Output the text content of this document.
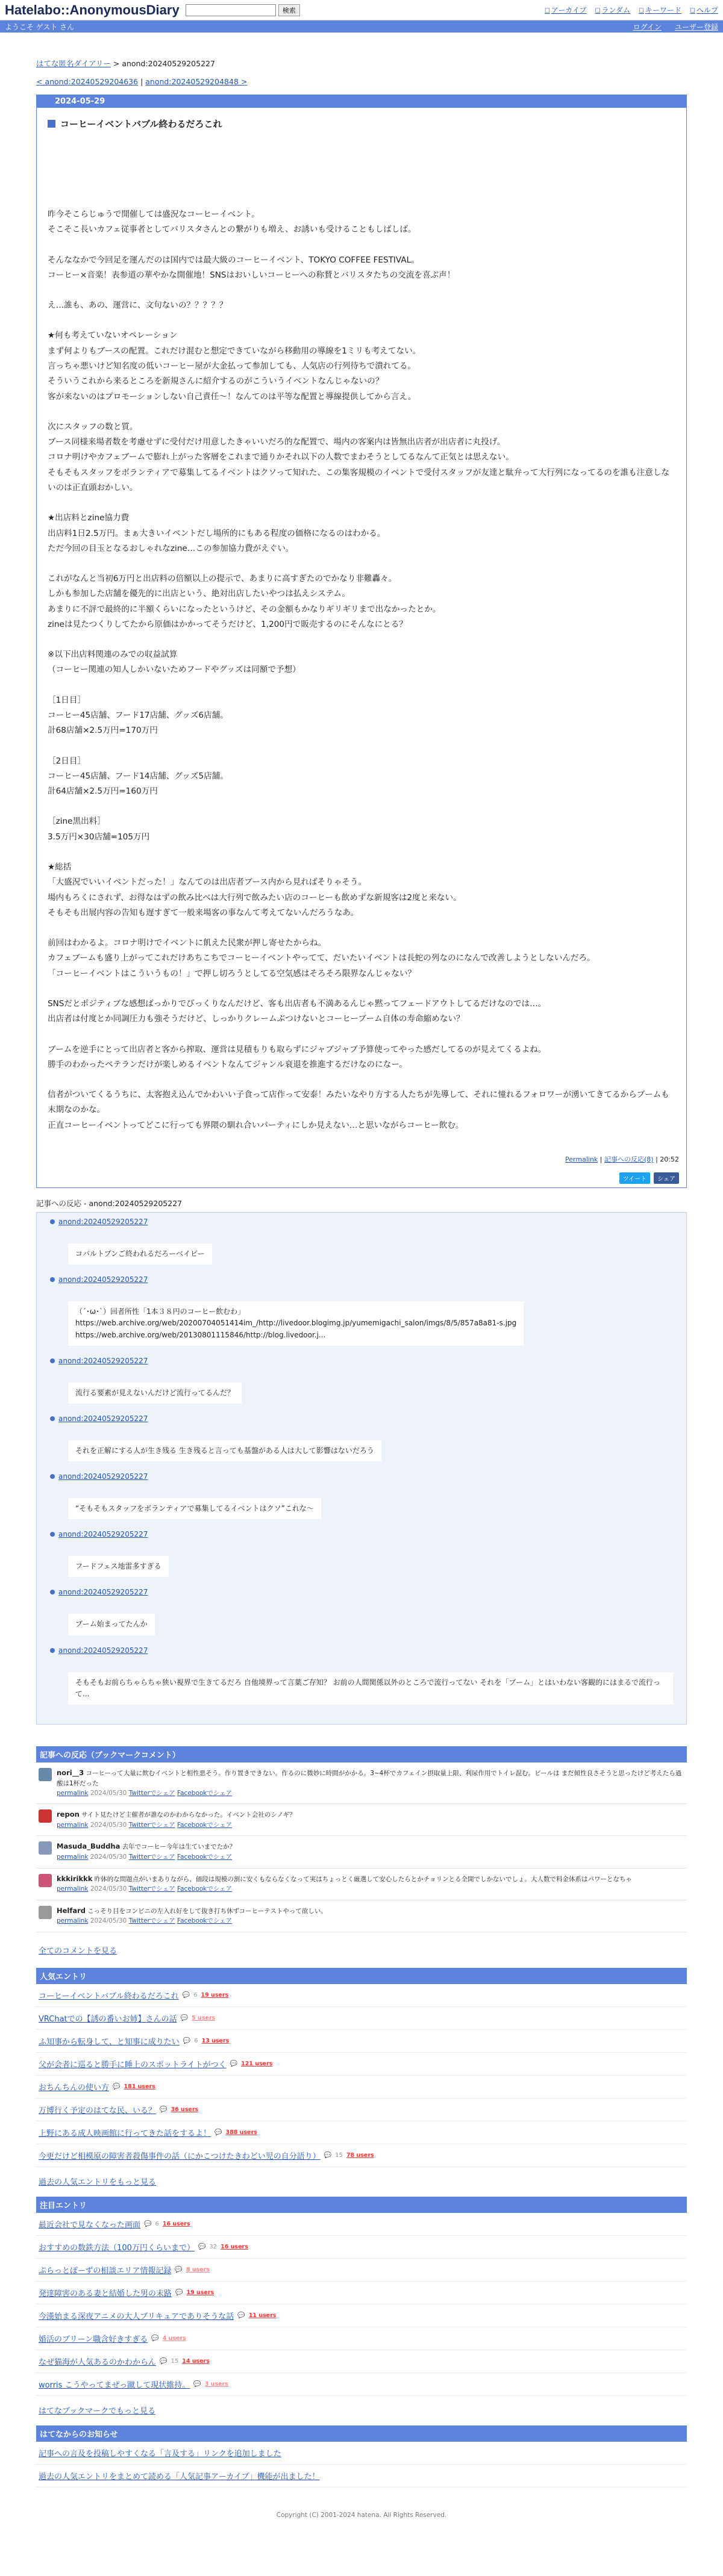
Hatelabo::AnonymousDiary	検索	☐ アーカイブ	☐ ランダム	☐ キーワード	☐ ヘルプ
ようこそ ゲスト さん	ログイン ユーザー登録
はてな匿名ダイアリー > anond:20240529205227
< anond:20240529204636 | anond:20240529204848 >
2024-05-29
コーヒーイベントバブル終わるだろこれ

昨今そこらじゅうで開催しては盛況なコーヒーイベント。
そこそこ長いカフェ従事者としてバリスタさんとの繋がりも増え、お誘いも受けることもしばしば。

そんななかで今回足を運んだのは国内では最大級のコーヒーイベント、TOKYO COFFEE FESTIVAL。
コーヒー×音楽！表参道の華やかな開催地！SNSはおいしいコーヒーへの称賛とバリスタたちの交流を喜ぶ声！

え…誰も、あの、運営に、文句ないの？？？？？

★何も考えていないオペレーション
まず何よりもブースの配置。これだけ混むと想定できていながら移動用の導線を1ミリも考えてない。
言っちゃ悪いけど知名度の低いコーヒー屋が大金払って参加しても、人気店の行列待ちで潰れてる。
そういうこれから来るところを新規さんに紹介するのがこういうイベントなんじゃないの？
客が来ないのはプロモーションしない自己責任〜！なんてのは平等な配置と導線提供してから言え。

次にスタッフの数と質。
ブース同様来場者数を考慮せずに受付だけ用意したきゃいいだろ的な配置で、場内の客案内は皆無出店者が出店者に丸投げ。
コロナ明けやカフェブームで膨れ上がった客層をこれまで通りかそれ以下の人数でまわそうとしてるなんて正気とは思えない。
そもそもスタッフをボランティアで募集してるイベントはクソって知れた、この集客規模のイベントで受付スタッフが友達と駄弁って大行列になってるのを誰も注意しないのは正直頭おかしい。

★出店料とzine協力費
出店料1日2.5万円。まぁ大きいイベントだし場所的にもある程度の価格になるのはわかる。
ただ今回の目玉となるおしゃれなzine…この参加協力費がえぐい。

これがなんと当初6万円と出店料の倍額以上の提示で、あまりに高すぎたのでかなり非難轟々。
しかも参加した店舗を優先的に出店という、絶対出店したいやつは払えシステム。
あまりに不評で最終的に半額くらいになったというけど、その金額もかなりギリギリまで出なかったとか。
zineは見たつくりしてたから原価はかかってそうだけど、1,200円で販売するのにそんなにとる？

※以下出店料関連のみでの収益試算
（コーヒー関連の知人しかいないためフードやグッズは同額で予想）

［1日目］
コーヒー45店舗、フード17店舗、グッズ6店舗。
計68店舗×2.5万円=170万円

［2日目］
コーヒー45店舗、フード14店舗、グッズ5店舗。
計64店舗×2.5万円=160万円

［zine黒出料］
3.5万円×30店舗=105万円

★総括
「大盛況でいいイベントだった！」なんてのは出店者ブース内から見ればそりゃそう。
場内もろくにされず、お得なはずの飲み比べは大行列で飲みたい店のコーヒーも飲めずな新規客は2度と来ない。
そもそも出展内容の告知も遅すぎて一般来場客の事なんて考えてないんだろうなあ。

前回はわかるよ。コロナ明けでイベントに飢えた民衆が押し寄せたからね。
カフェブームも盛り上がってこれだけあちこちでコーヒーイベントやってて、だいたいイベントは長蛇の列なのになんで改善しようとしないんだろ。
「コーヒーイベントはこういうもの！」で押し切ろうとしてる空気感はそろそろ限界なんじゃない？

SNSだとポジティブな感想ばっかりでびっくりなんだけど、客も出店者も不満あるんじゃ黙ってフェードアウトしてるだけなのでは…。
出店者は付度とか同調圧力も強そうだけど、しっかりクレームぶつけないとコーヒーブーム自体の寿命縮めない？

ブームを逆手にとって出店者と客から搾取、運営は見積もりも取らずにジャブジャブ予算使ってやった感だしてるのが見えてくるよね。
勝手のわかったベテランだけが楽しめるイベントなんてジャンル衰退を推進するだけなのになー。

信者がついてくるうちに、太客抱え込んでかわいい子食って店作って安泰！みたいなやり方する人たちが先導して、それに憧れるフォロワーが湧いてきてるからブームも末期なのかな。
正直コーヒーイベントってどこに行っても界隈の馴れ合いパーティにしか見えない…と思いながらコーヒー飲む。

Permalink | 記事への反応(8) | 20:52
ツイート	シェア
記事への反応 - anond:20240529205227
anond:20240529205227

コバルトブンご終われるだろーベイビー
anond:20240529205227

（´･ω･`）回者所性「1本３８円のコーヒー飲むわ」
https://web.archive.org/web/20200704051414im_/http://livedoor.blogimg.jp/yumemigachi_salon/imgs/8/5/857a8a81-s.jpg
https://web.archive.org/web/20130801115846/http://blog.livedoor.j...
anond:20240529205227

流行る要素が見えないんだけど流行ってるんだ？
anond:20240529205227

それを正解にする人が生き残る 生き残ると言っても基盤がある人は大して影響はないだろう
anond:20240529205227

“そもそもスタッフをボランティアで募集してるイベントはクソ”これな〜
anond:20240529205227

フードフェス地雷多すぎる
anond:20240529205227

ブーム始まってたんか
anond:20240529205227

そもそもお前らちゃらちゃ狭い視界で生きてるだろ 自他境界って言葉ご存知？ お前の人間関係以外のところで流行ってない それを「ブーム」とはいわない客観的にはまるで流行って...
記事への反応（ブックマークコメント）
nori__3 コーヒーって大量に飲むイベントと相性悪そう。作り置きできない。作るのに微妙に時間がかかる。3~4杯でカフェイン摂取量上限、利尿作用でトイレ混む。ビールは まだ傾性良さそうと思ったけど考えたら過酸は1杯だった
permalink 2024/05/30 Twitterでシェア Facebookでシェア
repon サイト見たけど主催者が誰なのかわからなかった。イベント会社のシノギ？
permalink 2024/05/30 Twitterでシェア Facebookでシェア
Masuda_Buddha 去年でコーヒー今年は生ていまでたか？
permalink 2024/05/30 Twitterでシェア Facebookでシェア
kkkirikkk 昨体的な問題点がいまありながら、価段は規模の割に安くもならなくなって実はちょっとく厳選して安心したらとかチョリンとる全開でしかないでしょ。大人数で料金体系はパワーとなちゃ
permalink 2024/05/30 Twitterでシェア Facebookでシェア
Helfard こっそり目をコンビニの左入れ好をして抜き打ち休ずコーヒーテストやって欲しい。
permalink 2024/05/30 Twitterでシェア Facebookでシェア
全てのコメントを見る
人気エントリ
コーヒーイベントバブル終わるだろこれ 💬 6 19 users
VRChatでの【誘の番いお姉】さんの話 💬 5 users
ふ知事から転身して、と知事に成りたい 💬 6 13 users
父が会者に巡ると勝手に睡上のスポットライトがつく 💬 121 users
おちんちんの使い方 💬 181 users
万博行く予定のはてな民、いる？ 💬 36 users
上野にある成人映画館に行ってきた話をするよ！ 💬 388 users
今更だけど相模原の障害者殺傷事件の話（にかこつけたきわどい児の自分語り） 💬 15 78 users
過去の人気エントリをもっと見る
注目エントリ
最近会社で見なくなった画面 💬 6 16 users
おすすめの数鉄方法（100万円くらいまで） 💬 32 16 users
ぷらっとぽーずの相談エリア情報記録 💬 8 users
発達障害のある妻と結婚した男の末路 💬 19 users
今漢始まる深夜アニメの大人ブリキュアでありそうな話 💬 11 users
婚活のブリーン職含好きすぎる 💬 4 users
なぜ猫海が人気あるのかわからん 💬 15 14 users
worris こうやってまぜっ蹴して現状維持。 💬 3 users
はてなブックマークでもっと見る
はてなからのお知らせ
記事への言及を投稿しやすくなる「言及する」リンクを追加しました
過去の人気エントリをまとめて読める「人気記事アーカイブ」機能が出ました！
Copyright (C) 2001-2024 hatena. All Rights Reserved.
